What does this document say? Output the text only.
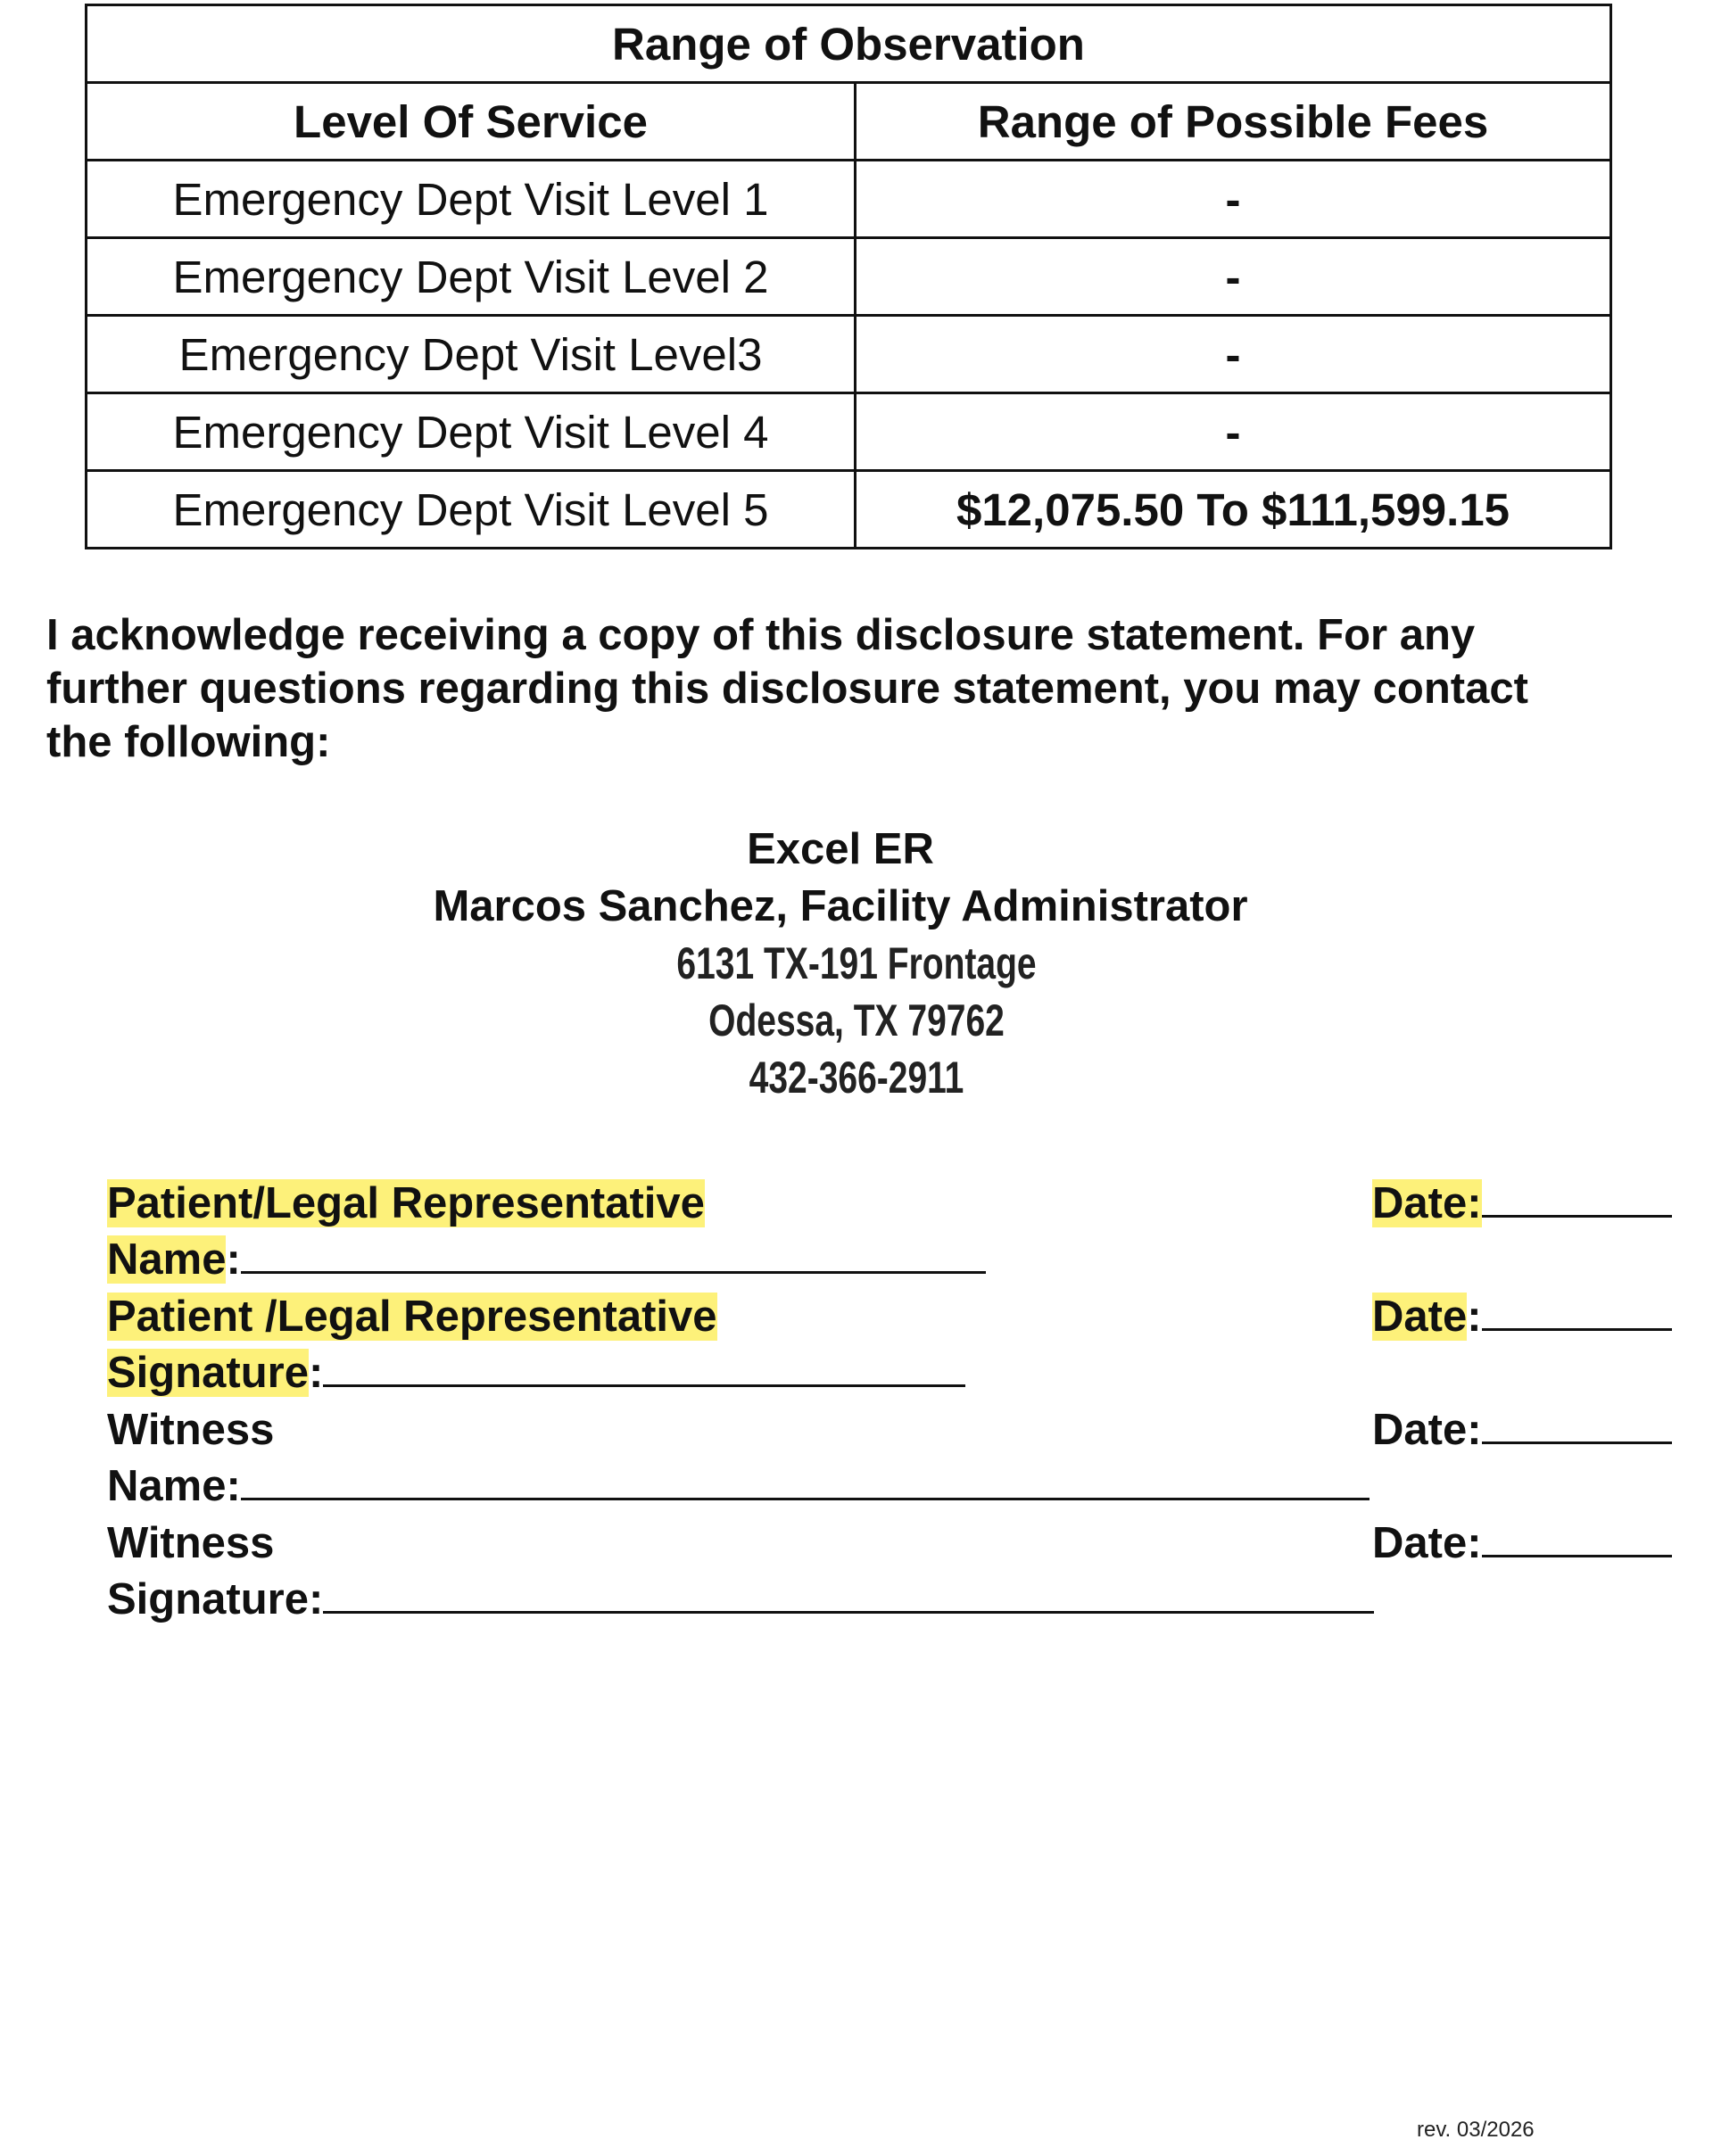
Range of Observation	
Level Of Service	Range of Possible Fees
Emergency Dept Visit Level 1	-
Emergency Dept Visit Level 2	-
Emergency Dept Visit Level3	-
Emergency Dept Visit Level 4	-
Emergency Dept Visit Level 5	$12,075.50 To $111,599.15

I acknowledge receiving a copy of this disclosure statement. For any
further questions regarding this disclosure statement, you may contact
the following:

Excel ER
Marcos Sanchez, Facility Administrator
6131 TX-191 Frontage
Odessa, TX 79762
432-366-2911
Patient/Legal Representative
Name:
Date:
Patient /Legal Representative
Signature:
Date:
Witness
Name:
Date:
Witness
Signature:
Date:
rev. 03/2026
